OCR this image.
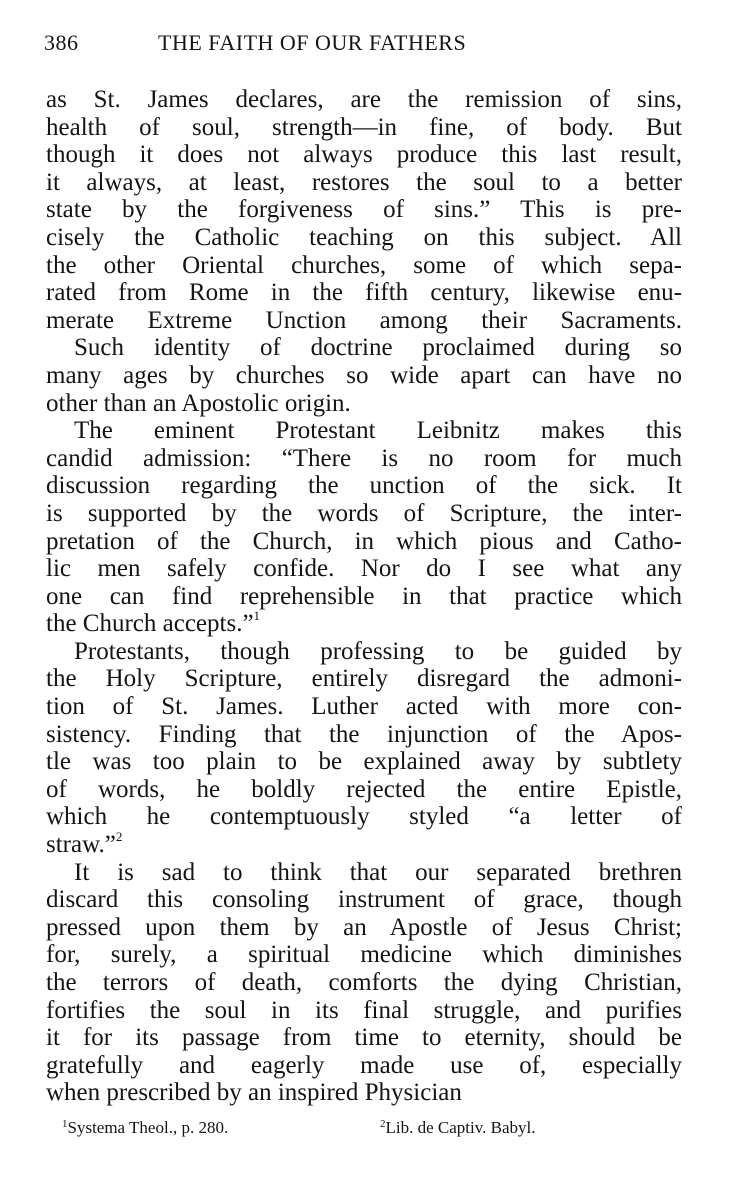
386	THE FAITH OF OUR FATHERS
as St. James declares, are the remission of sins,
health of soul, strength—in fine, of body. But
though it does not always produce this last result,
it always, at least, restores the soul to a better
state by the forgiveness of sins.” This is pre-
cisely the Catholic teaching on this subject. All
the other Oriental churches, some of which sepa-
rated from Rome in the fifth century, likewise enu-
merate Extreme Unction among their Sacraments.
Such identity of doctrine proclaimed during so
many ages by churches so wide apart can have no
other than an Apostolic origin.
The eminent Protestant Leibnitz makes this
candid admission: “There is no room for much
discussion regarding the unction of the sick. It
is supported by the words of Scripture, the inter-
pretation of the Church, in which pious and Catho-
lic men safely confide. Nor do I see what any
one can find reprehensible in that practice which
the Church accepts.”$^1$
Protestants, though professing to be guided by
the Holy Scripture, entirely disregard the admoni-
tion of St. James. Luther acted with more con-
sistency. Finding that the injunction of the Apos-
tle was too plain to be explained away by subtlety
of words, he boldly rejected the entire Epistle,
which he contemptuously styled “a letter of
straw.”$^2$
It is sad to think that our separated brethren
discard this consoling instrument of grace, though
pressed upon them by an Apostle of Jesus Christ;
for, surely, a spiritual medicine which diminishes
the terrors of death, comforts the dying Christian,
fortifies the soul in its final struggle, and purifies
it for its passage from time to eternity, should be
gratefully and eagerly made use of, especially
when prescribed by an inspired Physician
$^1$Systema Theol., p. 280.	$^2$Lib. de Captiv. Babyl.
